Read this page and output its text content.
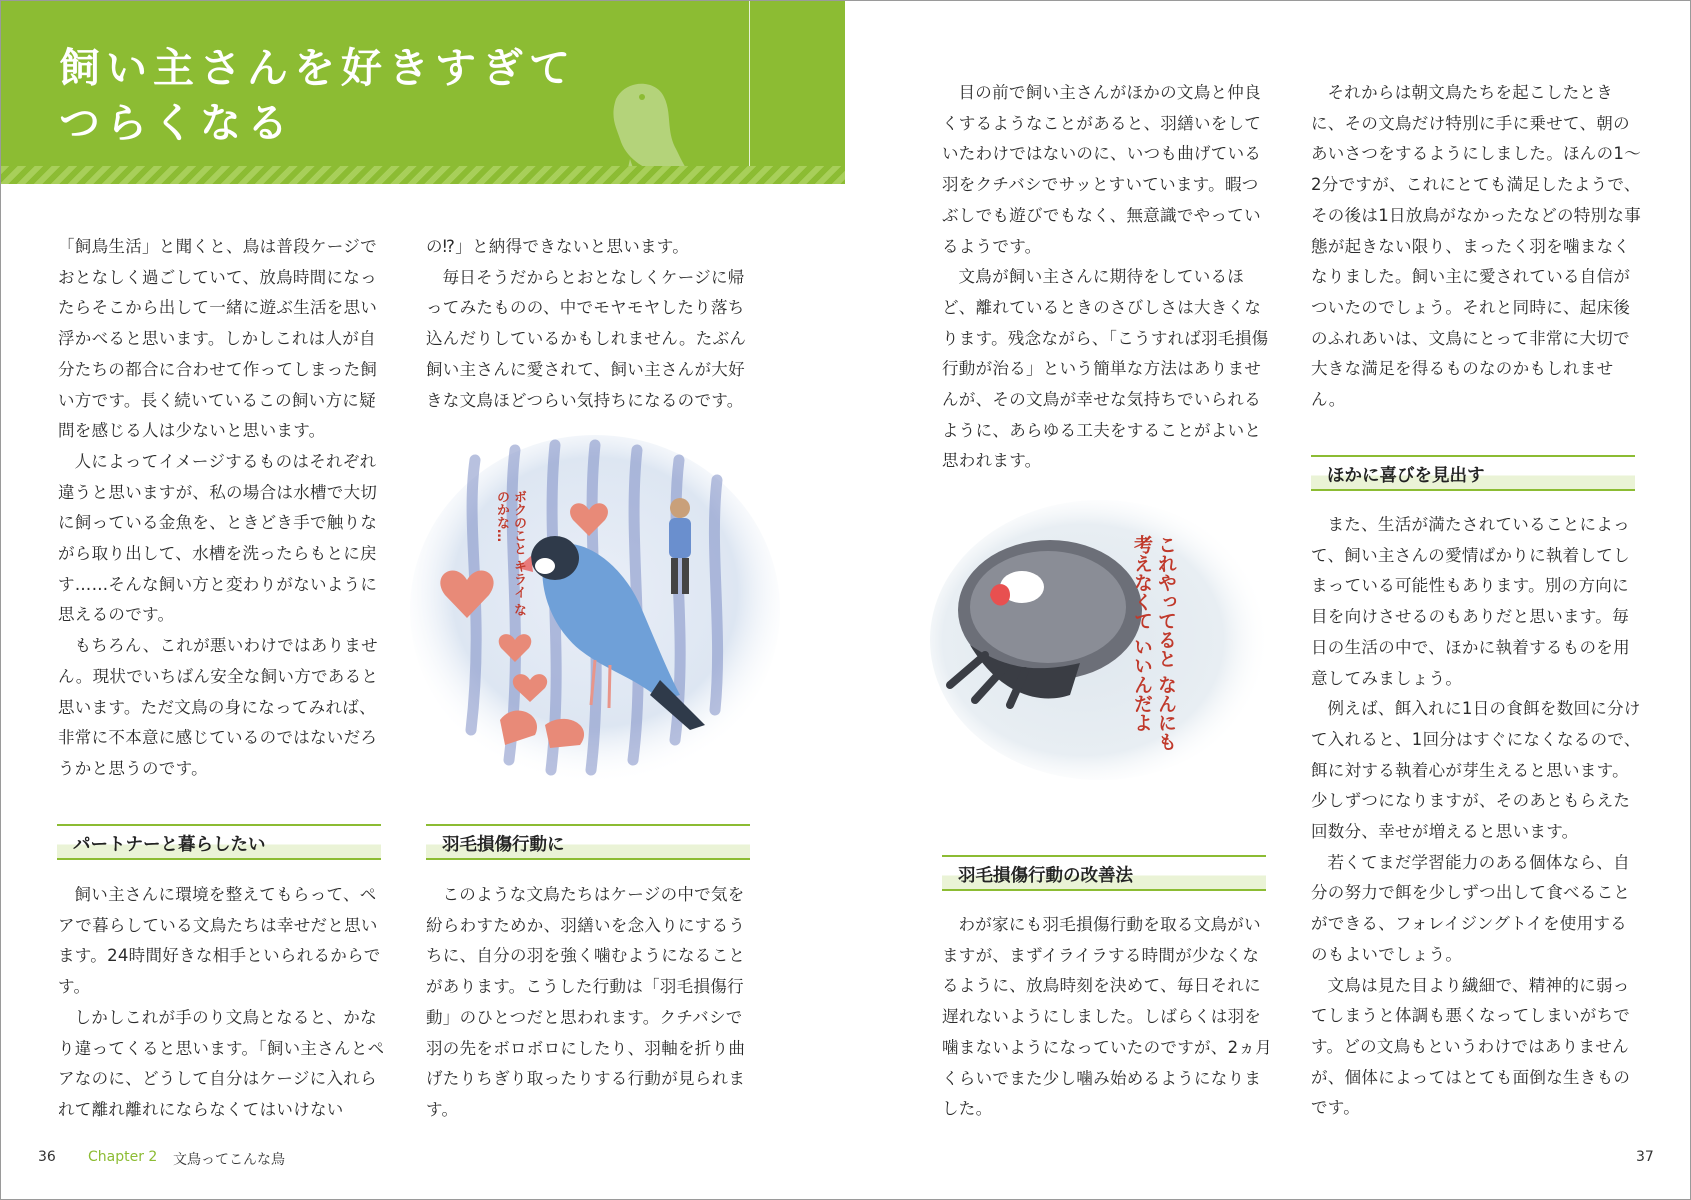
飼い主さんを好きすぎて
つらくなる

「飼鳥生活」と聞くと、鳥は普段ケージでおとなしく過ごしていて、放鳥時間になったらそこから出して一緒に遊ぶ生活を思い浮かべると思います。しかしこれは人が自分たちの都合に合わせて作ってしまった飼い方です。長く続いているこの飼い方に疑問を感じる人は少ないと思います。

人によってイメージするものはそれぞれ違うと思いますが、私の場合は水槽で大切に飼っている金魚を、ときどき手で触りながら取り出して、水槽を洗ったらもとに戻す……そんな飼い方と変わりがないように思えるのです。

もちろん、これが悪いわけではありません。現状でいちばん安全な飼い方であると思います。ただ文鳥の身になってみれば、非常に不本意に感じているのではないだろうかと思うのです。

パートナーと暮らしたい

飼い主さんに環境を整えてもらって、ペアで暮らしている文鳥たちは幸せだと思います。24時間好きな相手といられるからです。

しかしこれが手のり文鳥となると、かなり違ってくると思います。「飼い主さんとペアなのに、どうして自分はケージに入れられて離れ離れにならなくてはいけない

の⁉」と納得できないと思います。

毎日そうだからとおとなしくケージに帰ってみたものの、中でモヤモヤしたり落ち込んだりしているかもしれません。たぶん飼い主さんに愛されて、飼い主さんが大好きな文鳥ほどつらい気持ちになるのです。

ボクのこと キライ なのかな…
羽毛損傷行動に

このような文鳥たちはケージの中で気を紛らわすためか、羽繕いを念入りにするうちに、自分の羽を強く噛むようになることがあります。こうした行動は「羽毛損傷行動」のひとつだと思われます。クチバシで羽の先をボロボロにしたり、羽軸を折り曲げたりちぎり取ったりする行動が見られます。

目の前で飼い主さんがほかの文鳥と仲良くするようなことがあると、羽繕いをしていたわけではないのに、いつも曲げている羽をクチバシでサッとすいています。暇つぶしでも遊びでもなく、無意識でやっているようです。

文鳥が飼い主さんに期待をしているほど、離れているときのさびしさは大きくなります。残念ながら、「こうすれば羽毛損傷行動が治る」という簡単な方法はありませんが、その文鳥が幸せな気持ちでいられるように、あらゆる工夫をすることがよいと思われます。

これやってると なんにも 考えなくて いいんだよ
羽毛損傷行動の改善法

わが家にも羽毛損傷行動を取る文鳥がいますが、まずイライラする時間が少なくなるように、放鳥時刻を決めて、毎日それに遅れないようにしました。しばらくは羽を噛まないようになっていたのですが、2ヵ月くらいでまた少し噛み始めるようになりました。

それからは朝文鳥たちを起こしたときに、その文鳥だけ特別に手に乗せて、朝のあいさつをするようにしました。ほんの1〜2分ですが、これにとても満足したようで、その後は1日放鳥がなかったなどの特別な事態が起きない限り、まったく羽を噛まなくなりました。飼い主に愛されている自信がついたのでしょう。それと同時に、起床後のふれあいは、文鳥にとって非常に大切で大きな満足を得るものなのかもしれません。

ほかに喜びを見出す

また、生活が満たされていることによって、飼い主さんの愛情ばかりに執着してしまっている可能性もあります。別の方向に目を向けさせるのもありだと思います。毎日の生活の中で、ほかに執着するものを用意してみましょう。

例えば、餌入れに1日の食餌を数回に分けて入れると、1回分はすぐになくなるので、餌に対する執着心が芽生えると思います。少しずつになりますが、そのあともらえた回数分、幸せが増えると思います。

若くてまだ学習能力のある個体なら、自分の努力で餌を少しずつ出して食べることができる、フォレイジングトイを使用するのもよいでしょう。

文鳥は見た目より繊細で、精神的に弱ってしまうと体調も悪くなってしまいがちです。どの文鳥もというわけではありませんが、個体によってはとても面倒な生きものです。

36 Chapter 2 文鳥ってこんな鳥	37
